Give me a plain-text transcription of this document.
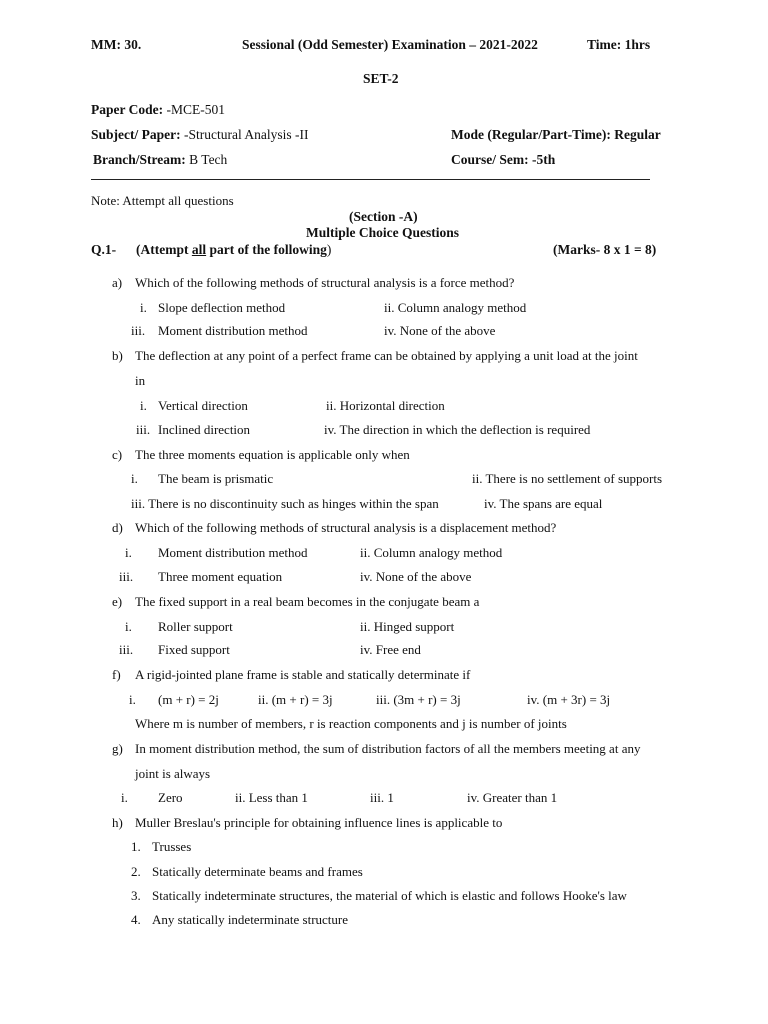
MM: 30.	Sessional (Odd Semester) Examination – 2021-2022	Time: 1hrs
SET-2
Paper Code: -MCE-501
Subject/ Paper: -Structural Analysis -II	Mode (Regular/Part-Time): Regular
Branch/Stream: B Tech	Course/ Sem: -5th
Note: Attempt all questions
(Section -A)
Multiple Choice Questions
Q.1- (Attempt all part of the following)	(Marks- 8 x 1 = 8)
a) Which of the following methods of structural analysis is a force method?
i. Slope deflection method	ii. Column analogy method
iii. Moment distribution method	iv. None of the above
b) The deflection at any point of a perfect frame can be obtained by applying a unit load at the joint
in
i. Vertical direction	ii. Horizontal direction
iii. Inclined direction	iv. The direction in which the deflection is required
c) The three moments equation is applicable only when
i. The beam is prismatic	ii. There is no settlement of supports
iii. There is no discontinuity such as hinges within the span	iv. The spans are equal
d) Which of the following methods of structural analysis is a displacement method?
i. Moment distribution method	ii. Column analogy method
iii. Three moment equation	iv. None of the above
e) The fixed support in a real beam becomes in the conjugate beam a
i. Roller support	ii. Hinged support
iii. Fixed support	iv. Free end
f) A rigid-jointed plane frame is stable and statically determinate if
i. (m + r) = 2j	ii. (m + r) = 3j	iii. (3m + r) = 3j	iv. (m + 3r) = 3j
Where m is number of members, r is reaction components and j is number of joints
g) In moment distribution method, the sum of distribution factors of all the members meeting at any
joint is always
i. Zero	ii. Less than 1	iii. 1	iv. Greater than 1
h) Muller Breslau's principle for obtaining influence lines is applicable to
1. Trusses
2. Statically determinate beams and frames
3. Statically indeterminate structures, the material of which is elastic and follows Hooke's law
4. Any statically indeterminate structure
